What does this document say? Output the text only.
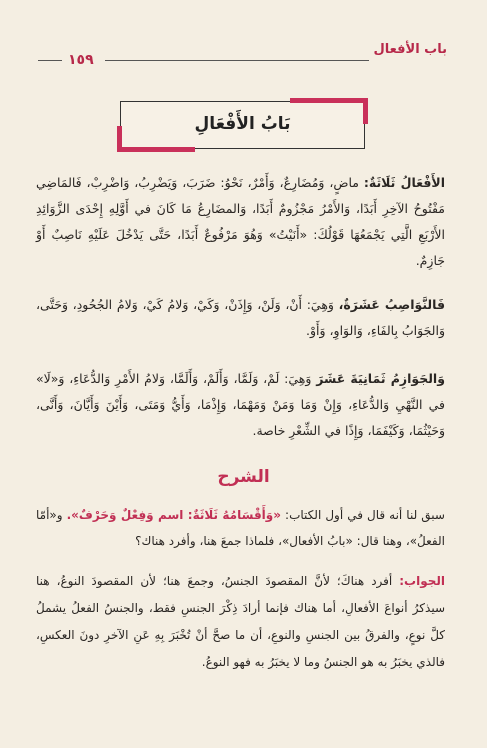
باب الأفعال
١٥٩
بَابُ الأَفْعَالِ
الأَفْعَالُ ثَلَاثَةٌ: ماضٍ، وَمُضَارِعٌ، وَأَمْرٌ، نَحْوُ: ضَرَبَ، وَيَضْرِبُ، وَاضْرِبْ، فَالمَاضِي مَفْتُوحُ الآخِرِ أَبَدًا، وَالأَمْرُ مَجْزُومٌ أَبَدًا، وَالمضَارِعُ مَا كَانَ في أَوَّلِهِ إِحْدَى الزَّوَائِدِ الأَرْبَعِ الَّتِي يَجْمَعُهَا قَوْلُكَ: «أَنَيْتُ» وَهُوَ مَرْفُوعٌ أَبَدًا، حَتَّى يَدْخُلَ عَلَيْهِ نَاصِبٌ أَوْ جَازِمٌ.
فَالنَّوَاصِبُ عَشَرَةٌ، وَهِيَ: أَنْ، وَلَنْ، وَإِذَنْ، وَكَيْ، وَلامُ كَيْ، وَلامُ الجُحُودِ، وَحَتَّى، وَالجَوَابُ بِالفَاءِ، وَالوَاوِ، وَأَوْ.
وَالجَوَازِمُ ثَمَانِيَةَ عَشَرَ وَهِيَ: لَمْ، وَلَمَّا، وَأَلَمْ، وَأَلَمَّا، وَلامُ الأَمْرِ وَالدُّعَاءِ، وَ«لَا» في النَّهْيِ وَالدُّعَاءِ، وَإِنْ وَمَا وَمَنْ وَمَهْمَا، وَإِذْمَا، وَأَيُّ وَمَتَى، وَأَيْنَ وَأَيَّانَ، وَأَنَّى، وَحَيْثُمَا، وَكَيْفَمَا، وَإِذًا في الشِّعْرِ خاصة.
الشرح
سبق لنا أنه قال في أول الكتاب: «وَأَقْسَامُهُ ثَلَاثَةٌ: اسم وَفِعْلٌ وَحَرْفٌ». و«أمّا الفعلُ»، وهنا قال: «بابُ الأفعال»، فلماذا جمعَ هنا، وأفرد هناك؟
الجواب: أفرد هناكَ؛ لأنَّ المقصودَ الجنسُ، وجمعَ هنا؛ لأن المقصودَ النوعُ، هنا سيذكرُ أنواعَ الأفعالِ، أما هناك فإنما أرادَ ذِكْرَ الجنسِ فقط، والجنسُ الفعلُ يشملُ كلَّ نوعٍ، والفرقُ بين الجنسِ والنوعِ، أن ما صحَّ أنْ تُخْبَرَ بِهِ عَنِ الآخرِ دونَ العكسِ، فالذي يخبَرُ به هو الجنسُ وما لا يخبَرُ به فهو النوعُ.
